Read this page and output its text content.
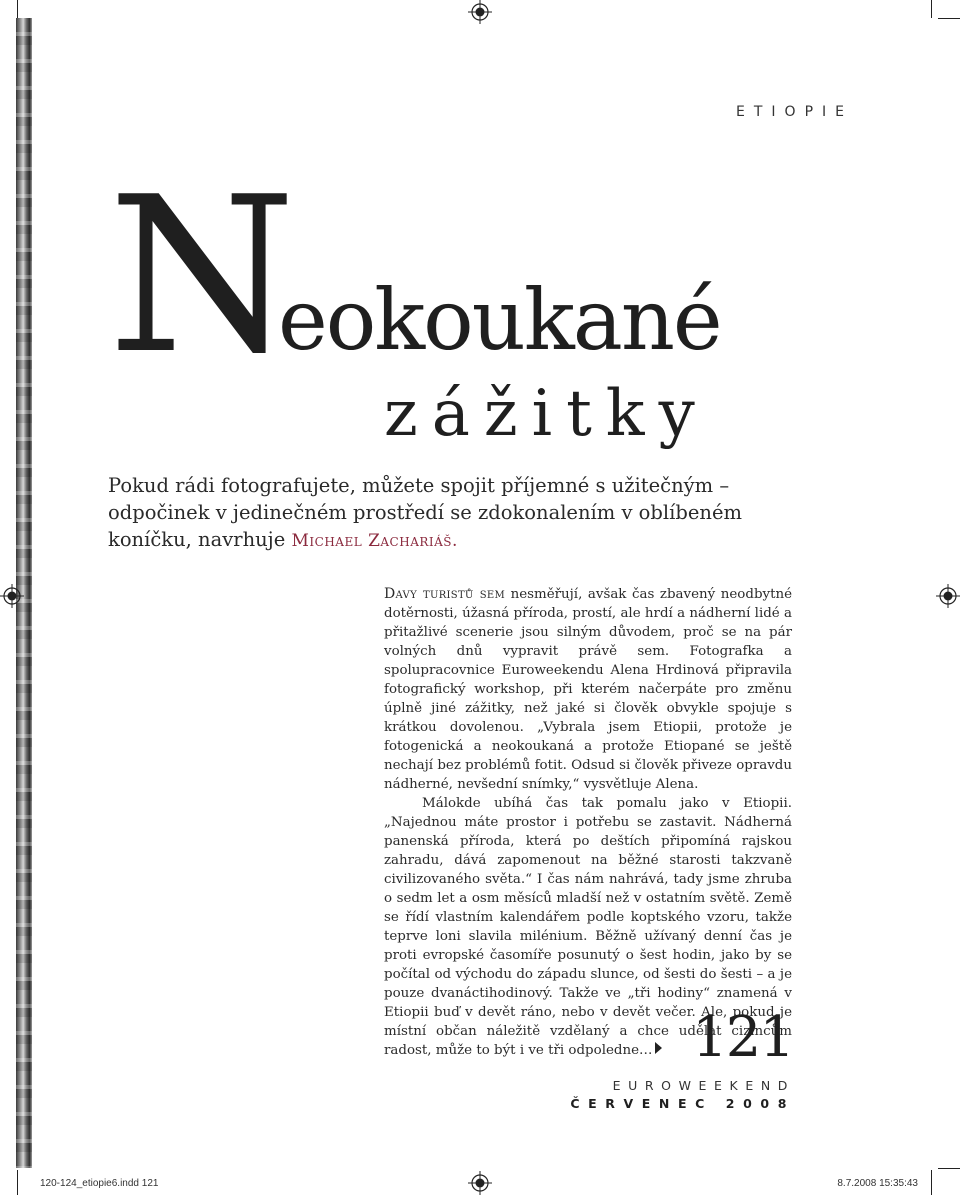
ETIOPIE
N
eokoukané
zážitky
Pokud rádi fotografujete, můžete spojit příjemné s užitečným – odpočinek v jedinečném prostředí se zdokonalením v oblíbeném koníčku, navrhuje Michael Zachariáš.

Davy turistů sem nesměřují, avšak čas zbavený neodbytné dotěrnosti, úžasná příroda, prostí, ale hrdí a nádherní lidé a přitažlivé scenerie jsou silným důvodem, proč se na pár volných dnů vypravit právě sem. Fotografka a spolupracovnice Euroweekendu Alena Hrdinová připravila fotografický workshop, při kterém načerpáte pro změnu úplně jiné zážitky, než jaké si člověk obvykle spojuje s krátkou dovolenou. „Vybrala jsem Etiopii, protože je fotogenická a neokoukaná a protože Etiopané se ještě nechají bez problémů fotit. Odsud si člověk přiveze opravdu nádherné, nevšední snímky,“ vysvětluje Alena.

Málokde ubíhá čas tak pomalu jako v Etiopii. „Najednou máte prostor i potřebu se zastavit. Nádherná panenská příroda, která po deštích připomíná rajskou zahradu, dává zapomenout na běžné starosti takzvaně civilizovaného světa.“ I čas nám nahrává, tady jsme zhruba o sedm let a osm měsíců mladší než v ostatním světě. Země se řídí vlastním kalendářem podle koptského vzoru, takže teprve loni slavila milénium. Běžně užívaný denní čas je proti evropské časomíře posunutý o šest hodin, jako by se počítal od východu do západu slunce, od šesti do šesti – a je pouze dvanáctihodinový. Takže ve „tři hodiny“ znamená v Etiopii buď v devět ráno, nebo v devět večer. Ale, pokud je místní občan náležitě vzdělaný a chce udělat cizincům radost, může to být i ve tři odpoledne… 121
EUROWEEKEND
ČERVENEC 2008
120-124_etiopie6.indd 121	8.7.2008 15:35:43
